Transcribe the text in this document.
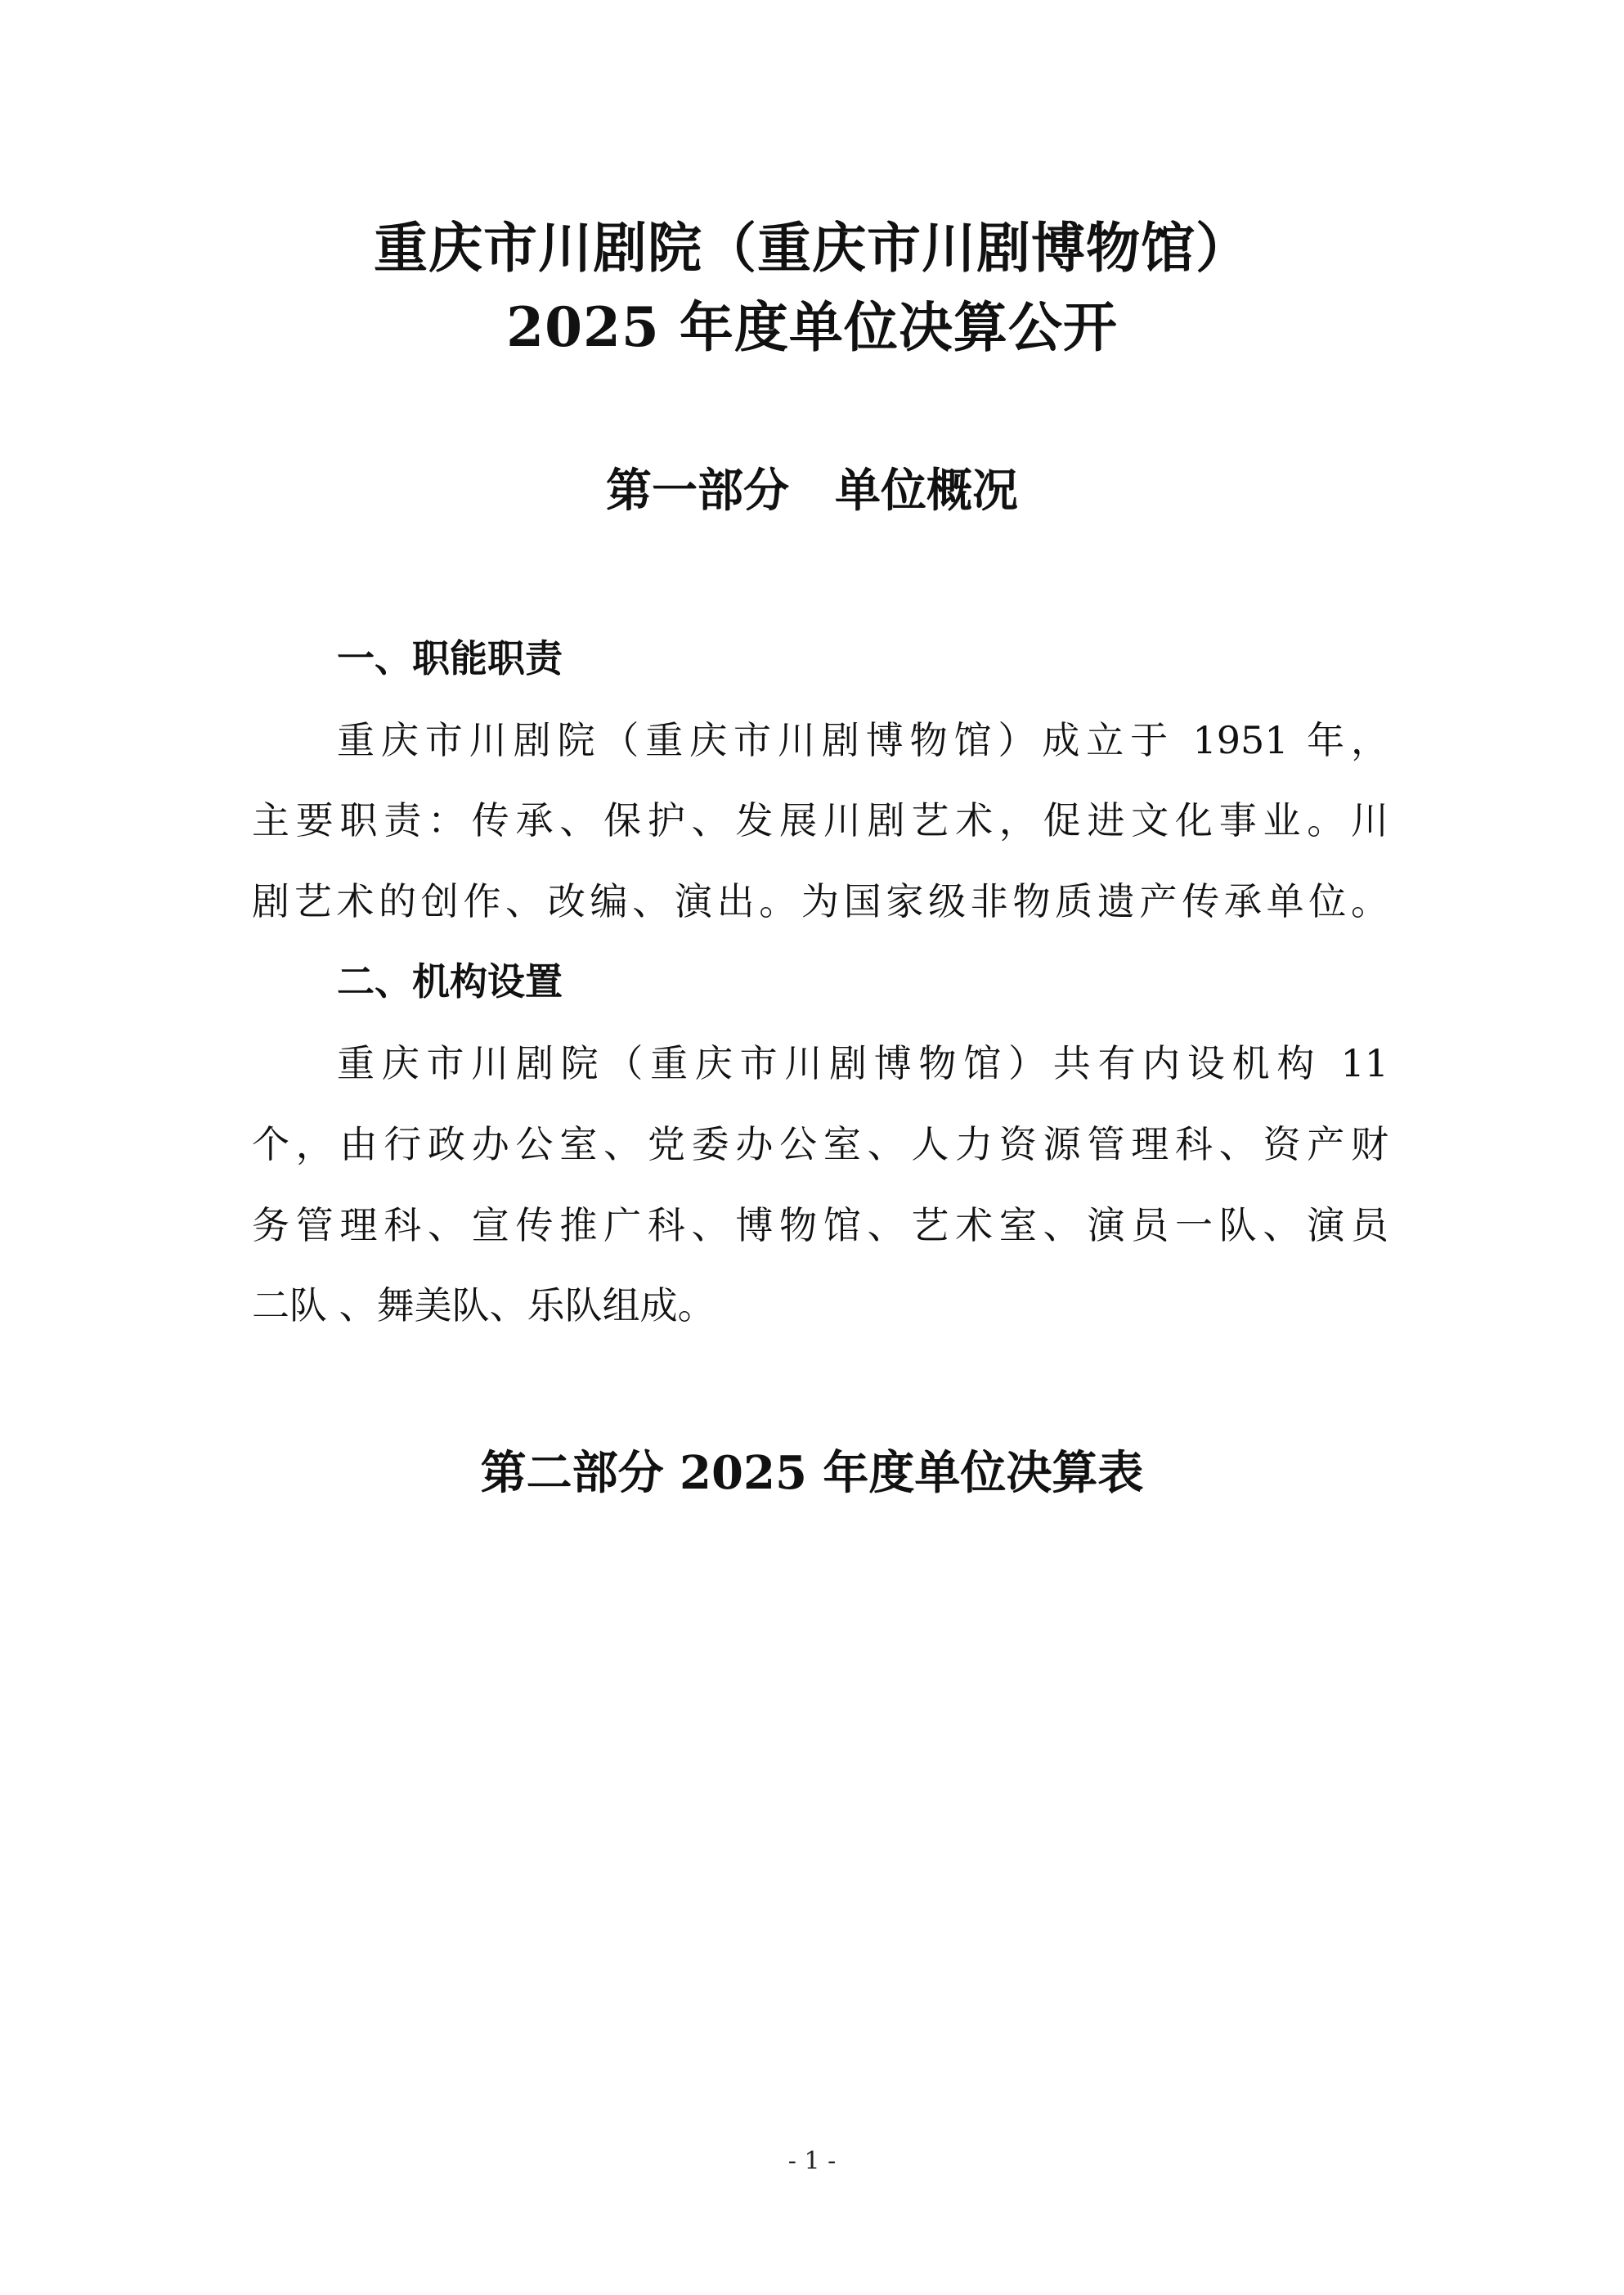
重庆市川剧院（重庆市川剧博物馆）
2025 年度单位决算公开
第一部分　单位概况
一、职能职责
重庆市川剧院（重庆市川剧博物馆）成立于 1951 年，
主要职责：传承、保护、发展川剧艺术，促进文化事业。川
剧艺术的创作、改编、演出。为国家级非物质遗产传承单位。
二、机构设置
重庆市川剧院（重庆市川剧博物馆）共有内设机构 11
个，由行政办公室、党委办公室、人力资源管理科、资产财
务管理科、宣传推广科、博物馆、艺术室、演员一队、演员
二队 、舞美队、乐队组成。
第二部分 2025 年度单位决算表
- 1 -
